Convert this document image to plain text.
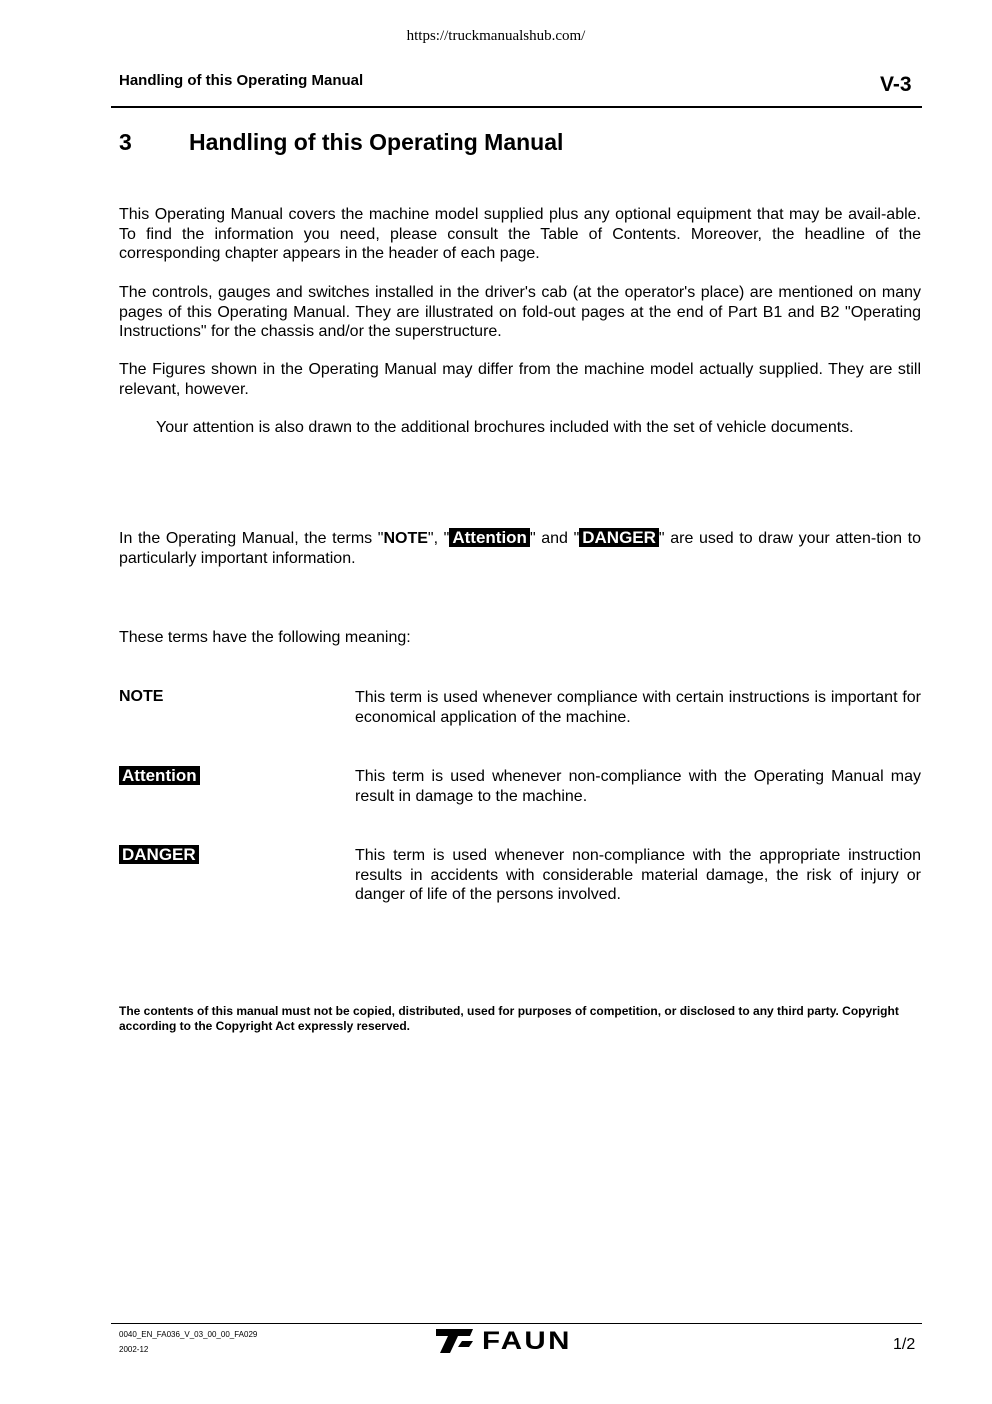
https://truckmanualshub.com/
Handling of this Operating Manual	V-3
3 Handling of this Operating Manual
This Operating Manual covers the machine model supplied plus any optional equipment that may be avail-able. To find the information you need, please consult the Table of Contents. Moreover, the headline of the corresponding chapter appears in the header of each page.
The controls, gauges and switches installed in the driver's cab (at the operator's place) are mentioned on many pages of this Operating Manual. They are illustrated on fold-out pages at the end of Part B1 and B2 "Operating Instructions" for the chassis and/or the superstructure.
The Figures shown in the Operating Manual may differ from the machine model actually supplied. They are still relevant, however.
Your attention is also drawn to the additional brochures included with the set of vehicle documents.
In the Operating Manual, the terms "NOTE", " Attention " and " DANGER " are used to draw your atten-tion to particularly important information.
These terms have the following meaning:
NOTE	This term is used whenever compliance with certain instructions is important for economical application of the machine.
Attention	This term is used whenever non-compliance with the Operating Manual may result in damage to the machine.
DANGER	This term is used whenever non-compliance with the appropriate instruction results in accidents with considerable material damage, the risk of injury or danger of life of the persons involved.
The contents of this manual must not be copied, distributed, used for purposes of competition, or disclosed to any third party. Copyright according to the Copyright Act expressly reserved.
0040_EN_FA036_V_03_00_00_FA029
2002-12	FAUN	1/2
